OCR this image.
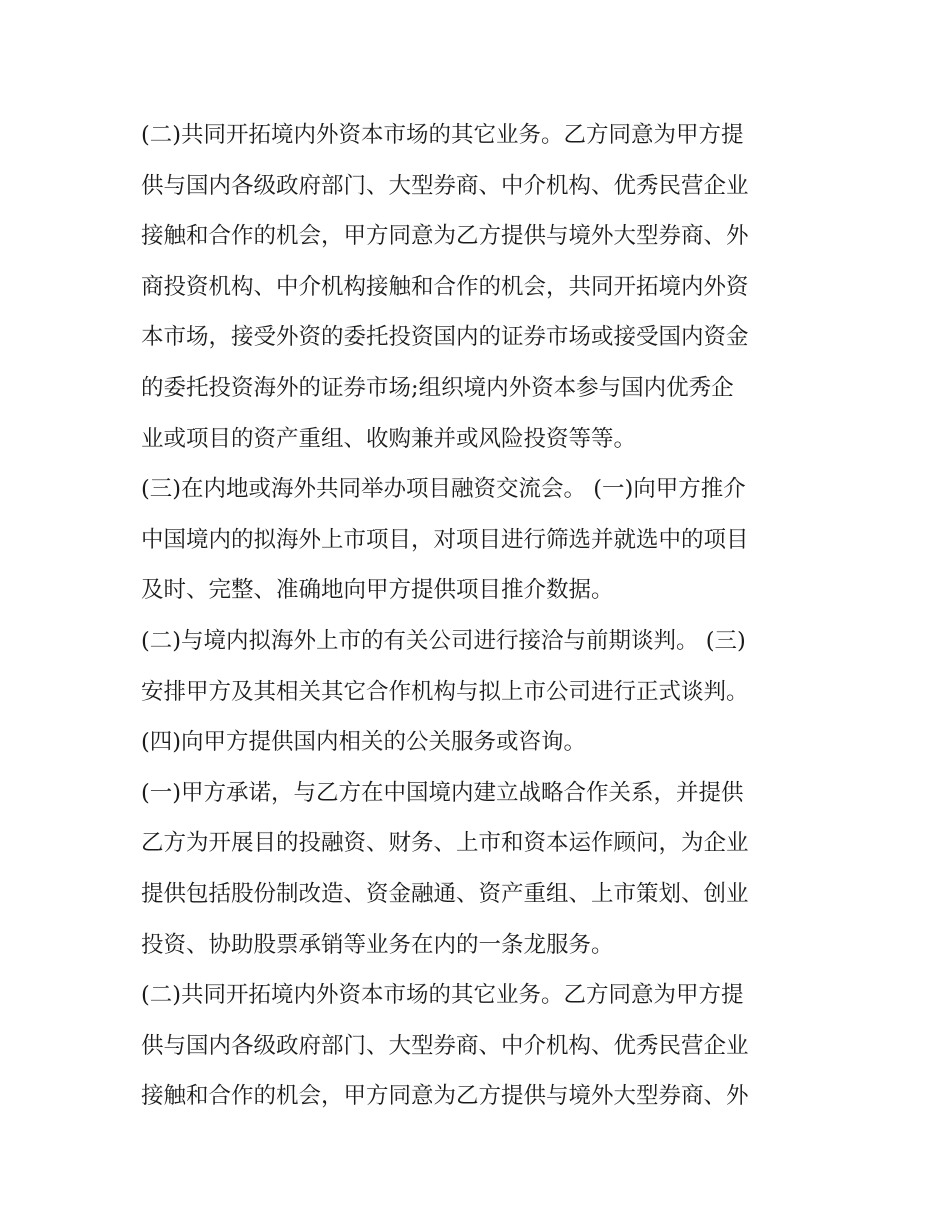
(二)共同开拓境内外资本市场的其它业务。乙方同意为甲方提
供与国内各级政府部门、大型券商、中介机构、优秀民营企业
接触和合作的机会，甲方同意为乙方提供与境外大型券商、外
商投资机构、中介机构接触和合作的机会，共同开拓境内外资
本市场，接受外资的委托投资国内的证券市场或接受国内资金
的委托投资海外的证券市场;组织境内外资本参与国内优秀企
业或项目的资产重组、收购兼并或风险投资等等。
(三)在内地或海外共同举办项目融资交流会。 (一)向甲方推介
中国境内的拟海外上市项目，对项目进行筛选并就选中的项目
及时、完整、准确地向甲方提供项目推介数据。
(二)与境内拟海外上市的有关公司进行接洽与前期谈判。 (三)
安排甲方及其相关其它合作机构与拟上市公司进行正式谈判。
(四)向甲方提供国内相关的公关服务或咨询。
(一)甲方承诺，与乙方在中国境内建立战略合作关系，并提供
乙方为开展目的投融资、财务、上市和资本运作顾问，为企业
提供包括股份制改造、资金融通、资产重组、上市策划、创业
投资、协助股票承销等业务在内的一条龙服务。
(二)共同开拓境内外资本市场的其它业务。乙方同意为甲方提
供与国内各级政府部门、大型券商、中介机构、优秀民营企业
接触和合作的机会，甲方同意为乙方提供与境外大型券商、外
